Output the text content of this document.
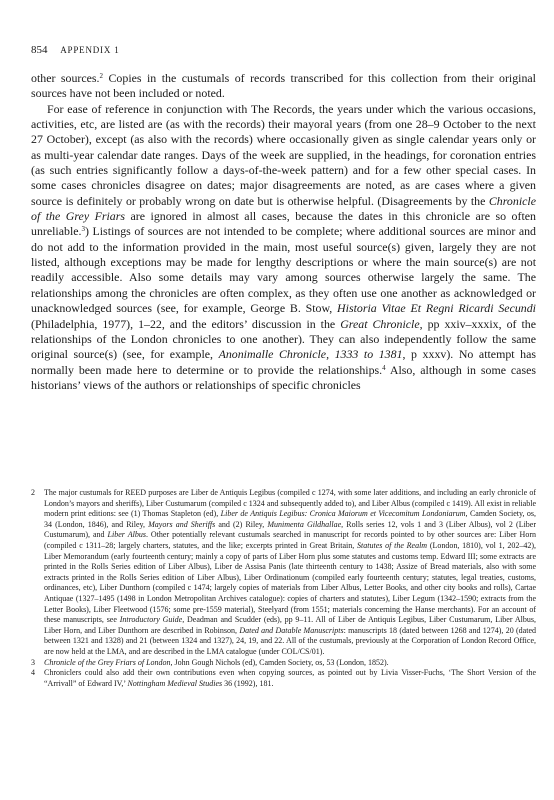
854 APPENDIX 1

other sources.$^2$ Copies in the custumals of records transcribed for this collection from their original sources have not been included or noted.

For ease of reference in conjunction with The Records, the years under which the various occasions, activities, etc, are listed are (as with the records) their mayoral years (from one 28–9 October to the next 27 October), except (as also with the records) where occasionally given as single calendar years only or as multi-year calendar date ranges. Days of the week are supplied, in the headings, for coronation entries (as such entries significantly follow a days-of-the-week pattern) and for a few other special cases. In some cases chronicles disagree on dates; major disagreements are noted, as are cases where a given source is definitely or probably wrong on date but is otherwise helpful. (Disagreements by the Chronicle of the Grey Friars are ignored in almost all cases, because the dates in this chronicle are so often unreliable.$^3$) Listings of sources are not intended to be complete; where additional sources are minor and do not add to the information provided in the main, most useful source(s) given, largely they are not listed, although exceptions may be made for lengthy descriptions or where the main source(s) are not readily accessible. Also some details may vary among sources otherwise largely the same. The relationships among the chronicles are often complex, as they often use one another as acknowledged or unacknowledged sources (see, for example, George B. Stow, Historia Vitae Et Regni Ricardi Secundi (Philadelphia, 1977), 1–22, and the editors’ discussion in the Great Chronicle, pp xxiv–xxxix, of the relationships of the London chronicles to one another). They can also independently follow the same original source(s) (see, for example, Anonimalle Chronicle, 1333 to 1381, p xxxv). No attempt has normally been made here to determine or to provide the relationships.$^4$ Also, although in some cases historians’ views of the authors or relationships of specific chronicles

2 The major custumals for REED purposes are Liber de Antiquis Legibus (compiled c 1274, with some later additions, and including an early chronicle of London’s mayors and sheriffs), Liber Custumarum (compiled c 1324 and subsequently added to), and Liber Albus (compiled c 1419). All exist in reliable modern print editions: see (1) Thomas Stapleton (ed), Liber de Antiquis Legibus: Cronica Maiorum et Vicecomitum Londoniarum, Camden Society, os, 34 (London, 1846), and Riley, Mayors and Sheriffs and (2) Riley, Munimenta Gildhallae, Rolls series 12, vols 1 and 3 (Liber Albus), vol 2 (Liber Custumarum), and Liber Albus. Other potentially relevant custumals searched in manuscript for records pointed to by other sources are: Liber Horn (compiled c 1311–28; largely charters, statutes, and the like; excerpts printed in Great Britain, Statutes of the Realm (London, 1810), vol 1, 202–42), Liber Memorandum (early fourteenth century; mainly a copy of parts of Liber Horn plus some statutes and customs temp. Edward III; some extracts are printed in the Rolls Series edition of Liber Albus), Liber de Assisa Panis (late thirteenth century to 1438; Assize of Bread materials, also with some extracts printed in the Rolls Series edition of Liber Albus), Liber Ordinationum (compiled early fourteenth century; statutes, legal treaties, customs, ordinances, etc), Liber Dunthorn (compiled c 1474; largely copies of materials from Liber Albus, Letter Books, and other city books and rolls), Cartae Antiquae (1327–1495 (1498 in London Metropolitan Archives catalogue): copies of charters and statutes), Liber Legum (1342–1590; extracts from the Letter Books), Liber Fleetwood (1576; some pre-1559 material), Steelyard (from 1551; materials concerning the Hanse merchants). For an account of these manuscripts, see Introductory Guide, Deadman and Scudder (eds), pp 9–11. All of Liber de Antiquis Legibus, Liber Custumarum, Liber Albus, Liber Horn, and Liber Dunthorn are described in Robinson, Dated and Datable Manuscripts: manuscripts 18 (dated between 1268 and 1274), 20 (dated between 1321 and 1328) and 21 (between 1324 and 1327), 24, 19, and 22. All of the custumals, previously at the Corporation of London Record Office, are now held at the LMA, and are described in the LMA catalogue (under COL/CS/01).

3 Chronicle of the Grey Friars of London, John Gough Nichols (ed), Camden Society, os, 53 (London, 1852).

4 Chroniclers could also add their own contributions even when copying sources, as pointed out by Livia Visser-Fuchs, ‘The Short Version of the “Arrivall” of Edward IV,’ Nottingham Medieval Studies 36 (1992), 181.
